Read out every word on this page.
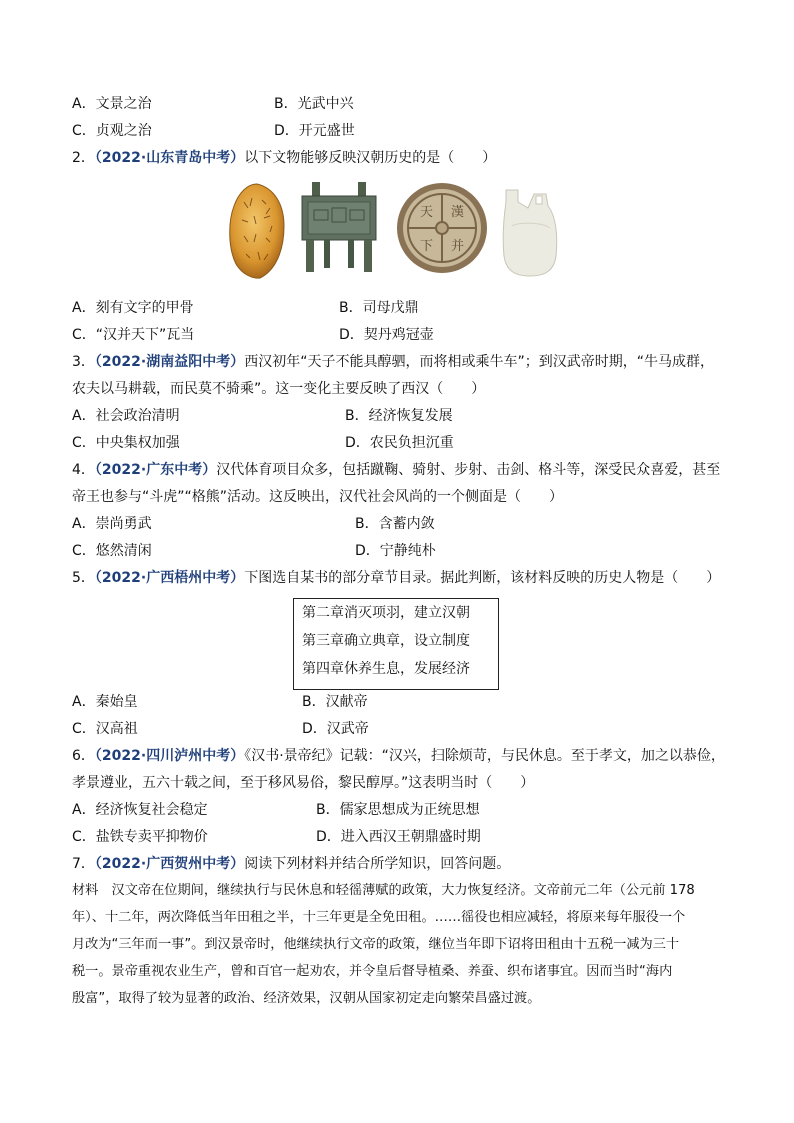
A．文景之治	B．光武中兴
C．贞观之治	D．开元盛世
2．（2022·山东青岛中考）以下文物能够反映汉朝历史的是（　　）
漢
并
天
下
A．刻有文字的甲骨	B．司母戊鼎
C．“汉并天下”瓦当	D．契丹鸡冠壶
3．（2022·湖南益阳中考）西汉初年“天子不能具醇驷，而将相或乘牛车”；到汉武帝时期，“牛马成群，
农夫以马耕载，而民莫不骑乘”。这一变化主要反映了西汉（　　）
A．社会政治清明	B．经济恢复发展
C．中央集权加强	D．农民负担沉重
4．（2022·广东中考）汉代体育项目众多，包括蹴鞠、骑射、步射、击剑、格斗等，深受民众喜爱，甚至
帝王也参与“斗虎”“格熊”活动。这反映出，汉代社会风尚的一个侧面是（　　）
A．崇尚勇武	B．含蓄内敛
C．悠然清闲	D．宁静纯朴
5．（2022·广西梧州中考）下图选自某书的部分章节目录。据此判断，该材料反映的历史人物是（　　）
第二章消灭项羽，建立汉朝
第三章确立典章，设立制度
第四章休养生息，发展经济
A．秦始皇	B．汉献帝
C．汉高祖	D．汉武帝
6．（2022·四川泸州中考）《汉书·景帝纪》记载：“汉兴，扫除烦苛，与民休息。至于孝文，加之以恭俭，
孝景遵业，五六十载之间，至于移风易俗，黎民醇厚。”这表明当时（　　）
A．经济恢复社会稳定	B．儒家思想成为正统思想
C．盐铁专卖平抑物价	D．进入西汉王朝鼎盛时期
7．（2022·广西贺州中考）阅读下列材料并结合所学知识，回答问题。
材料　汉文帝在位期间，继续执行与民休息和轻徭薄赋的政策，大力恢复经济。文帝前元二年（公元前 178
年）、十二年，两次降低当年田租之半，十三年更是全免田租。……徭役也相应减轻，将原来每年服役一个
月改为“三年而一事”。到汉景帝时，他继续执行文帝的政策，继位当年即下诏将田租由十五税一减为三十
税一。景帝重视农业生产，曾和百官一起劝农，并令皇后督导植桑、养蚕、织布诸事宜。因而当时“海内
殷富”，取得了较为显著的政治、经济效果，汉朝从国家初定走向繁荣昌盛过渡。
